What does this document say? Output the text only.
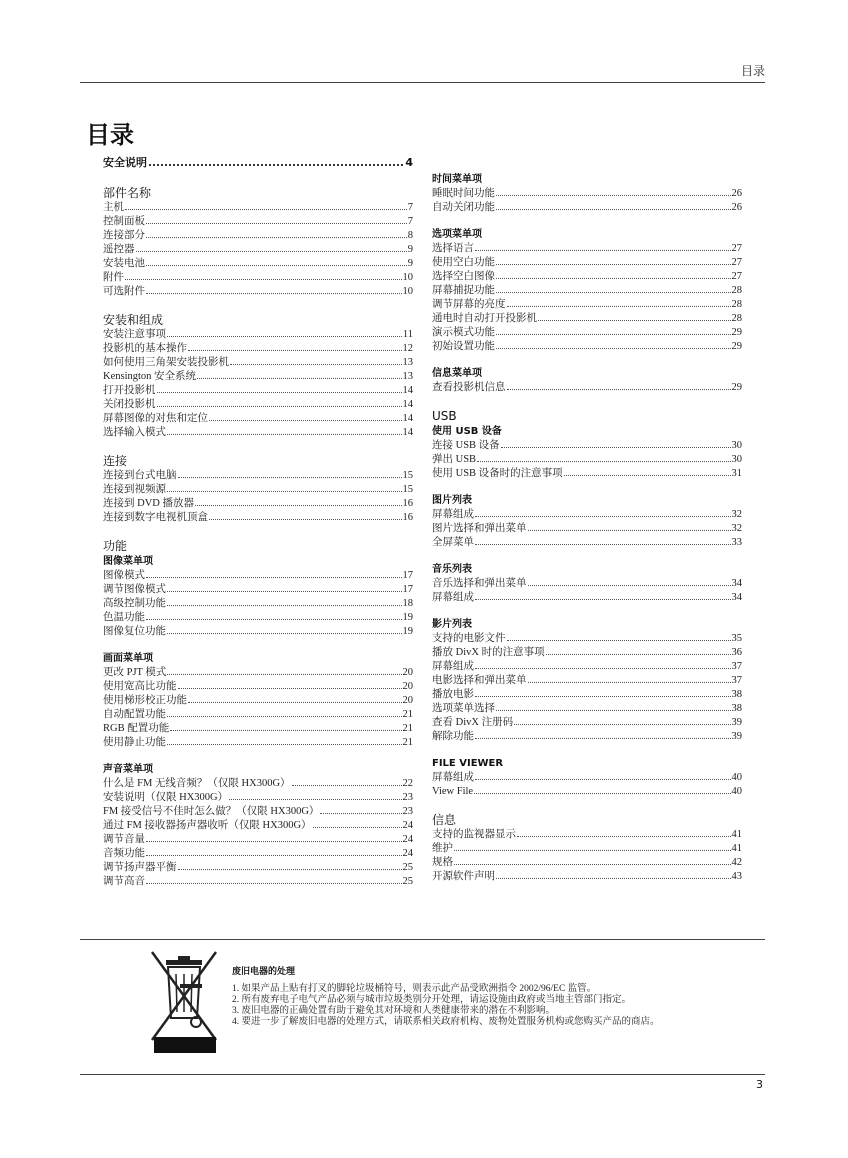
目录
目录
安全说明	4
部件名称
主机	7
控制面板	7
连接部分	8
遥控器	9
安装电池	9
附件	10
可选附件	10
安装和组成
安装注意事项	11
投影机的基本操作	12
如何使用三角架安装投影机	13
Kensington 安全系统	13
打开投影机	14
关闭投影机	14
屏幕图像的对焦和定位	14
选择输入模式	14
连接
连接到台式电脑	15
连接到视频源	15
连接到 DVD 播放器	16
连接到数字电视机顶盒	16
功能
图像菜单项
图像模式	17
调节图像模式	17
高级控制功能	18
色温功能	19
图像复位功能	19
画面菜单项
更改 PJT 模式	20
使用宽高比功能	20
使用梯形校正功能	20
自动配置功能	21
RGB 配置功能	21
使用静止功能	21
声音菜单项
什么是 FM 无线音频？（仅限 HX300G）	22
安装说明（仅限 HX300G）	23
FM 接受信号不佳时怎么做？（仅限 HX300G）	23
通过 FM 接收器扬声器收听（仅限 HX300G）	24
调节音量	24
音频功能	24
调节扬声器平衡	25
调节高音	25
时间菜单项
睡眠时间功能	26
自动关闭功能	26
选项菜单项
选择语言	27
使用空白功能	27
选择空白图像	27
屏幕捕捉功能	28
调节屏幕的亮度	28
通电时自动打开投影机	28
演示模式功能	29
初始设置功能	29
信息菜单项
查看投影机信息	29
USB
使用 USB 设备
连接 USB 设备	30
弹出 USB	30
使用 USB 设备时的注意事项	31
图片列表
屏幕组成	32
图片选择和弹出菜单	32
全屏菜单	33
音乐列表
音乐选择和弹出菜单	34
屏幕组成	34
影片列表
支持的电影文件	35
播放 DivX 时的注意事项	36
屏幕组成	37
电影选择和弹出菜单	37
播放电影	38
选项菜单选择	38
查看 DivX 注册码	39
解除功能	39
FILE VIEWER
屏幕组成	40
View File	40
信息
支持的监视器显示	41
维护	41
规格	42
开源软件声明	43
废旧电器的处理
1. 如果产品上贴有打叉的脚轮垃圾桶符号，则表示此产品受欧洲指令 2002/96/EC 监管。
2. 所有废弃电子电气产品必须与城市垃圾类别分开处理，请运设施由政府或当地主管部门指定。
3. 废旧电器的正确处置有助于避免其对环境和人类健康带来的潜在不利影响。
4. 要进一步了解废旧电器的处理方式，请联系相关政府机构、废物处置服务机构或您购买产品的商店。
3
